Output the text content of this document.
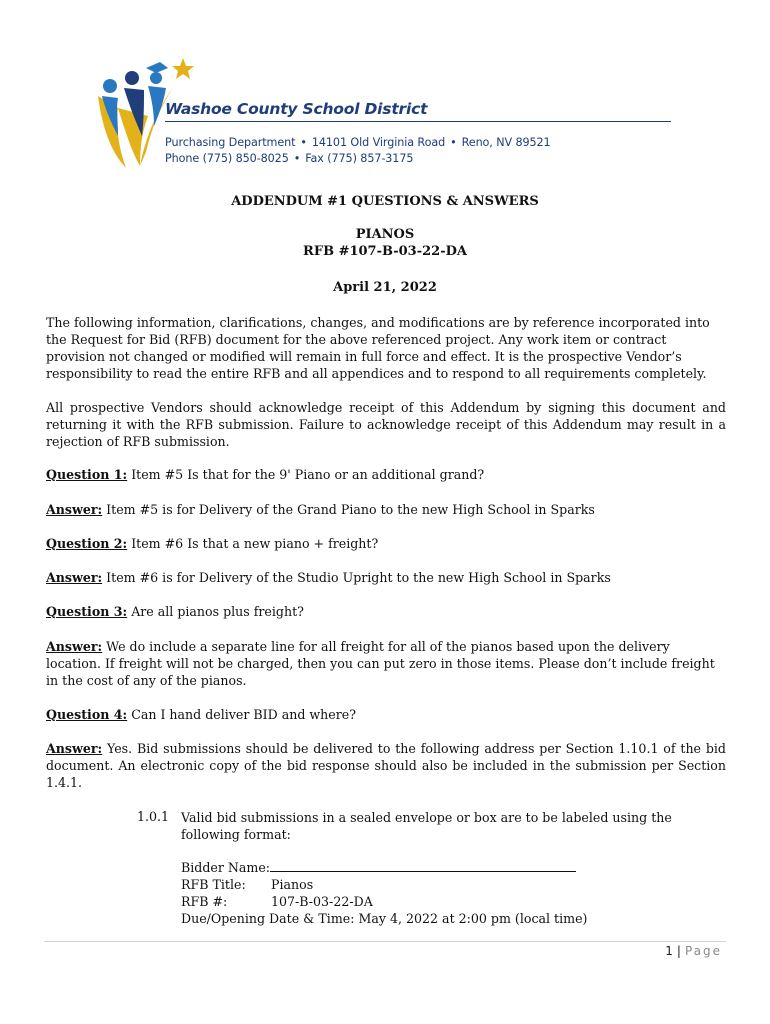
Washoe County School District
Purchasing Department • 14101 Old Virginia Road • Reno, NV 89521
Phone (775) 850-8025 • Fax (775) 857-3175
ADDENDUM #1 QUESTIONS & ANSWERS
PIANOS
RFB #107-B-03-22-DA
April 21, 2022

The following information, clarifications, changes, and modifications are by reference incorporated into the Request for Bid (RFB) document for the above referenced project. Any work item or contract provision not changed or modified will remain in full force and effect. It is the prospective Vendor’s responsibility to read the entire RFB and all appendices and to respond to all requirements completely.

All prospective Vendors should acknowledge receipt of this Addendum by signing this document and returning it with the RFB submission. Failure to acknowledge receipt of this Addendum may result in a rejection of RFB submission.

Question 1: Item #5 Is that for the 9' Piano or an additional grand?

Answer: Item #5 is for Delivery of the Grand Piano to the new High School in Sparks

Question 2: Item #6 Is that a new piano + freight?

Answer: Item #6 is for Delivery of the Studio Upright to the new High School in Sparks

Question 3: Are all pianos plus freight?

Answer: We do include a separate line for all freight for all of the pianos based upon the delivery location. If freight will not be charged, then you can put zero in those items. Please don’t include freight in the cost of any of the pianos.

Question 4: Can I hand deliver BID and where?

Answer: Yes. Bid submissions should be delivered to the following address per Section 1.10.1 of the bid document. An electronic copy of the bid response should also be included in the submission per Section 1.4.1.

1.0.1 Valid bid submissions in a sealed envelope or box are to be labeled using the following format:

Bidder Name:
RFB Title: Pianos
RFB #:	107-B-03-22-DA
Due/Opening Date & Time: May 4, 2022 at 2:00 pm (local time)
1 | Page
